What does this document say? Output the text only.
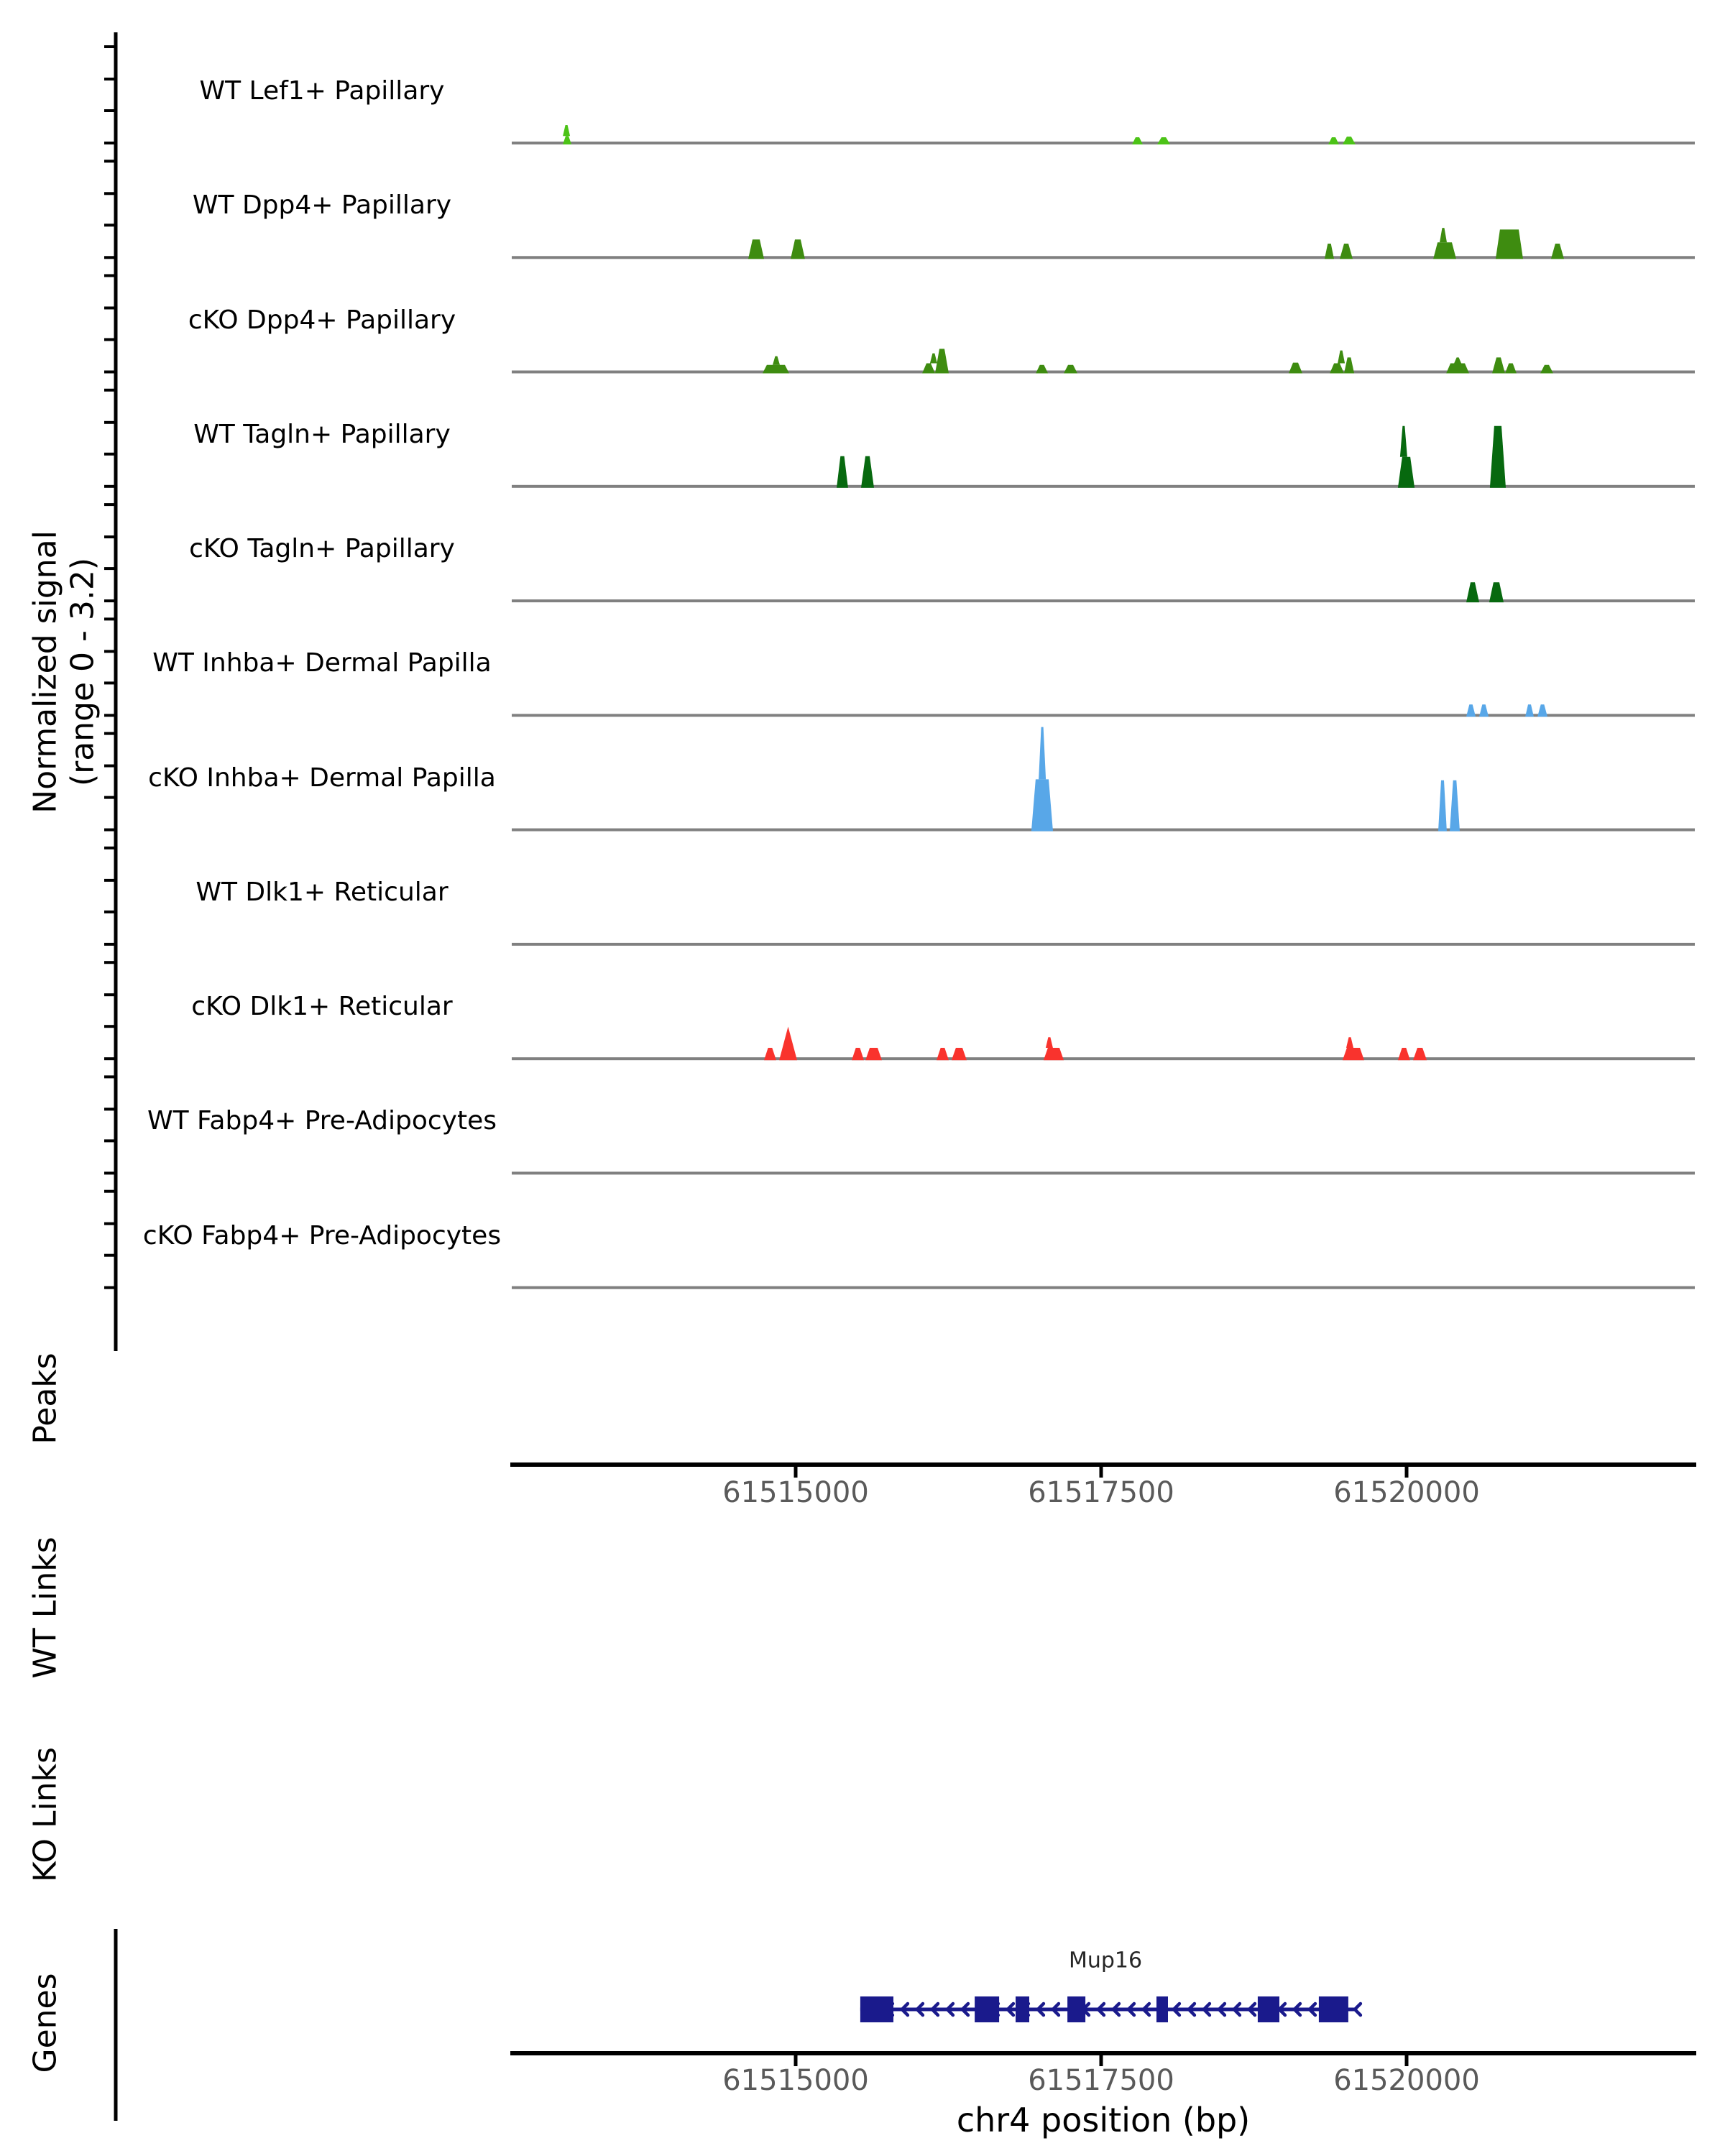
Normalized signal (range 0 - 3.2)
WT Lef1+ Papillary
WT Dpp4+ Papillary
cKO Dpp4+ Papillary
WT Tagln+ Papillary
cKO Tagln+ Papillary
WT Inhba+ Dermal Papilla
cKO Inhba+ Dermal Papilla
WT Dlk1+ Reticular
cKO Dlk1+ Reticular
WT Fabp4+ Pre-Adipocytes
cKO Fabp4+ Pre-Adipocytes
Peaks
WT Links
KO Links
Genes
Mup16
chr4 position (bp)
61515000	61517500	61520000
61515000	61517500	61520000
